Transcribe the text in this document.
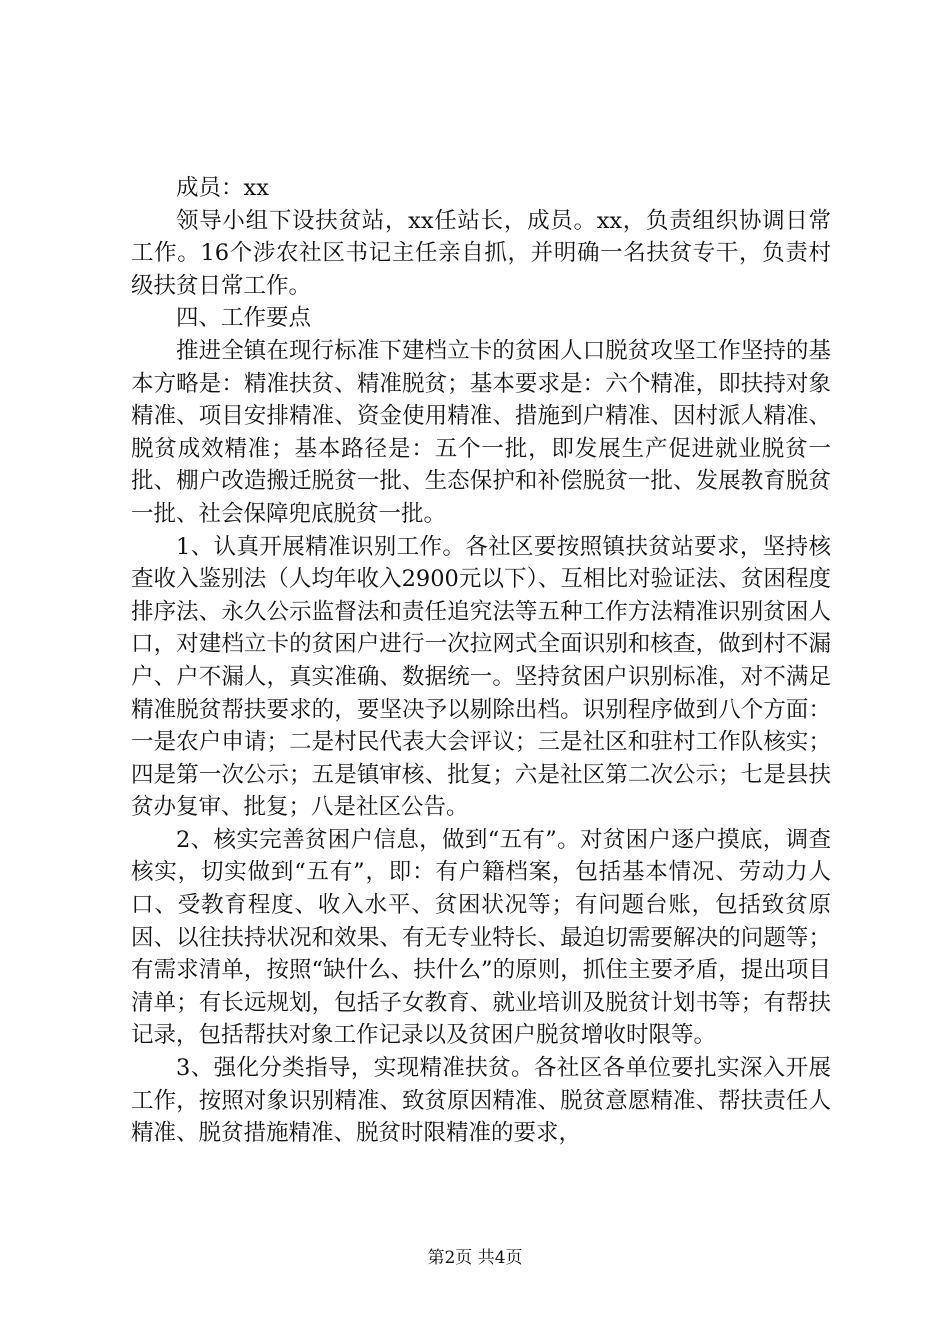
成员：xx

领导小组下设扶贫站，xx任站长，成员。xx，负责组织协调日常工作。16个涉农社区书记主任亲自抓，并明确一名扶贫专干，负责村级扶贫日常工作。

四、工作要点

推进全镇在现行标准下建档立卡的贫困人口脱贫攻坚工作坚持的基本方略是：精准扶贫、精准脱贫；基本要求是：六个精准，即扶持对象精准、项目安排精准、资金使用精准、措施到户精准、因村派人精准、脱贫成效精准；基本路径是：五个一批，即发展生产促进就业脱贫一批、棚户改造搬迁脱贫一批、生态保护和补偿脱贫一批、发展教育脱贫一批、社会保障兜底脱贫一批。

1、认真开展精准识别工作。各社区要按照镇扶贫站要求，坚持核查收入鉴别法（人均年收入2900元以下）、互相比对验证法、贫困程度排序法、永久公示监督法和责任追究法等五种工作方法精准识别贫困人口，对建档立卡的贫困户进行一次拉网式全面识别和核查，做到村不漏户、户不漏人，真实准确、数据统一。坚持贫困户识别标准，对不满足精准脱贫帮扶要求的，要坚决予以剔除出档。识别程序做到八个方面：一是农户申请；二是村民代表大会评议；三是社区和驻村工作队核实；四是第一次公示；五是镇审核、批复；六是社区第二次公示；七是县扶贫办复审、批复；八是社区公告。

2、核实完善贫困户信息，做到“五有”。对贫困户逐户摸底，调查核实，切实做到“五有”，即：有户籍档案，包括基本情况、劳动力人口、受教育程度、收入水平、贫困状况等；有问题台账，包括致贫原因、以往扶持状况和效果、有无专业特长、最迫切需要解决的问题等；有需求清单，按照“缺什么、扶什么”的原则，抓住主要矛盾，提出项目清单；有长远规划，包括子女教育、就业培训及脱贫计划书等；有帮扶记录，包括帮扶对象工作记录以及贫困户脱贫增收时限等。

3、强化分类指导，实现精准扶贫。各社区各单位要扎实深入开展工作，按照对象识别精准、致贫原因精准、脱贫意愿精准、帮扶责任人精准、脱贫措施精准、脱贫时限精准的要求，

第2页 共4页
